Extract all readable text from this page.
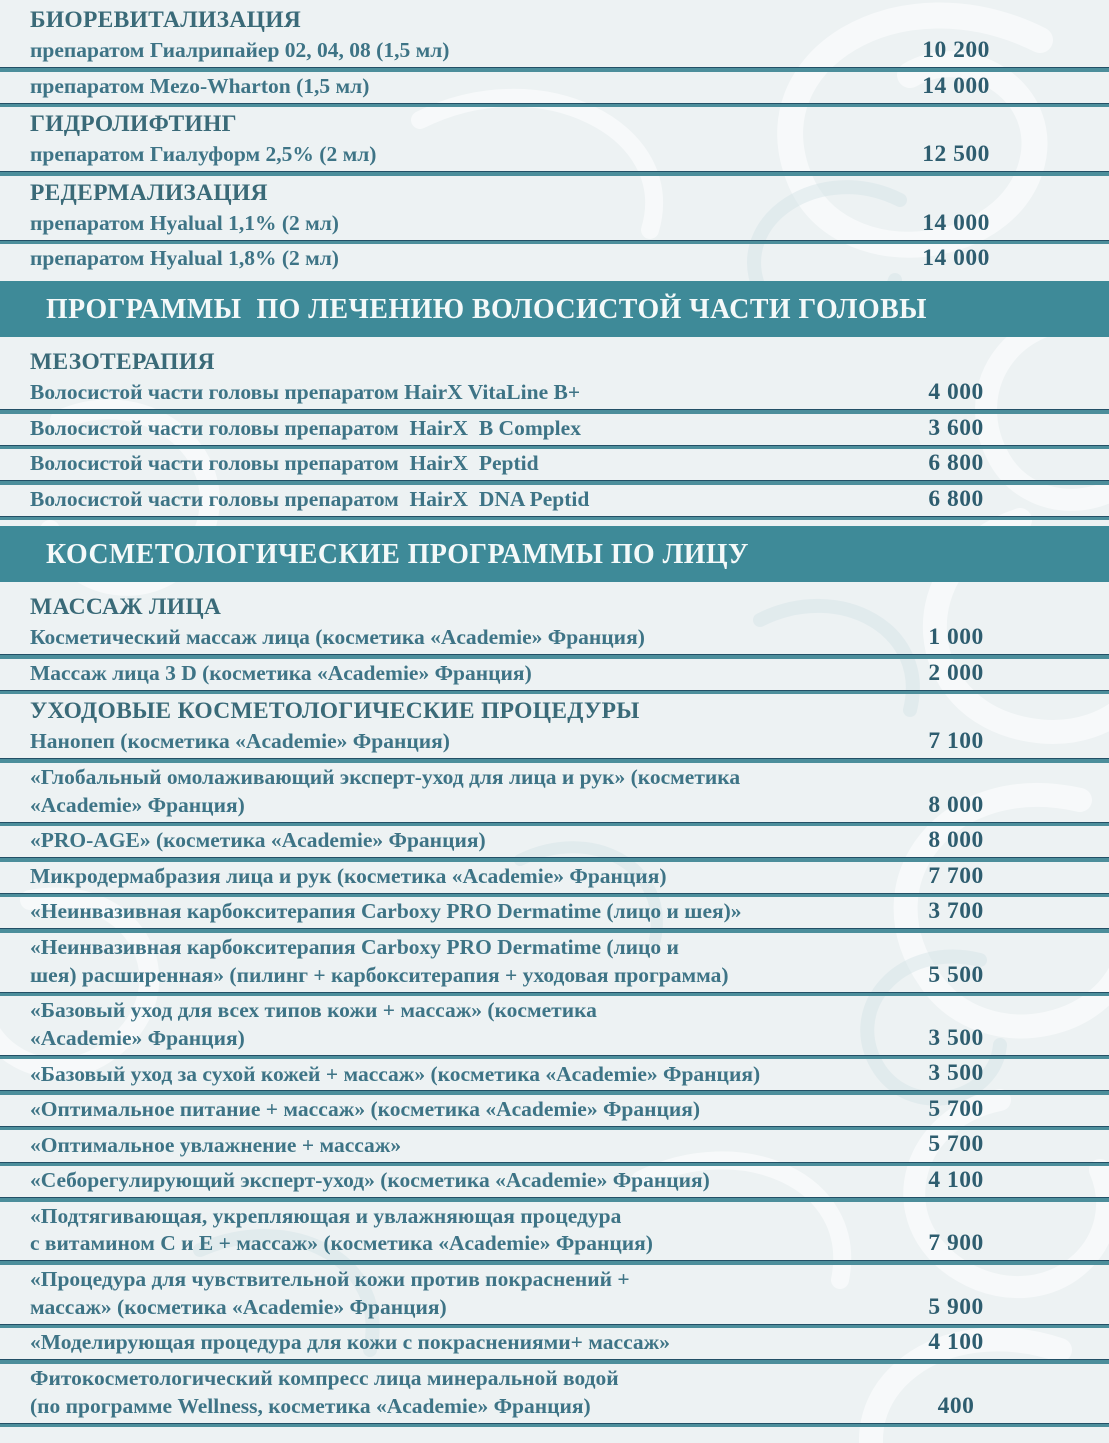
БИОРЕВИТАЛИЗАЦИЯ
препаратом Гиалрипайер 02, 04, 08 (1,5 мл)	10 200
препаратом Mezo-Wharton (1,5 мл)	14 000
ГИДРОЛИФТИНГ
препаратом Гиалуформ 2,5% (2 мл)	12 500
РЕДЕРМАЛИЗАЦИЯ
препаратом Hyalual 1,1% (2 мл)	14 000
препаратом Hyalual 1,8% (2 мл)	14 000
ПРОГРАММЫ  ПО ЛЕЧЕНИЮ ВОЛОСИСТОЙ ЧАСТИ ГОЛОВЫ
МЕЗОТЕРАПИЯ
Волосистой части головы препаратом HairX VitaLine B+	4 000
Волосистой части головы препаратом  HairX  B Complex	3 600
Волосистой части головы препаратом  HairX  Peptid	6 800
Волосистой части головы препаратом  HairX  DNA Peptid	6 800
КОСМЕТОЛОГИЧЕСКИЕ ПРОГРАММЫ ПО ЛИЦУ
МАССАЖ ЛИЦА
Косметический массаж лица (косметика «Academie» Франция)	1 000
Массаж лица 3 D (косметика «Academie» Франция)	2 000
УХОДОВЫЕ КОСМЕТОЛОГИЧЕСКИЕ ПРОЦЕДУРЫ
Нанопеп (косметика «Academie» Франция)	7 100
«Глобальный омолаживающий эксперт-уход для лица и рук» (косметика
«Academie» Франция)	8 000
«PRO-AGE» (косметика «Academie» Франция)	8 000
Микродермабразия лица и рук (косметика «Academie» Франция)	7 700
«Неинвазивная карбокситерапия Carboxy PRO Dermatime (лицо и шея)»	3 700
«Неинвазивная карбокситерапия Carboxy PRO Dermatime (лицо и
шея) расширенная» (пилинг + карбокситерапия + уходовая программа)	5 500
«Базовый уход для всех типов кожи + массаж» (косметика
«Academie» Франция)	3 500
«Базовый уход за сухой кожей + массаж» (косметика «Academie» Франция)	3 500
«Оптимальное питание + массаж» (косметика «Academie» Франция)	5 700
«Оптимальное увлажнение + массаж»	5 700
«Себорегулирующий эксперт-уход» (косметика «Academie» Франция)	4 100
«Подтягивающая, укрепляющая и увлажняющая процедура
с витамином С и Е + массаж» (косметика «Academie» Франция)	7 900
«Процедура для чувствительной кожи против покраснений +
массаж» (косметика «Academie» Франция)	5 900
«Моделирующая процедура для кожи с покраснениями+ массаж»	4 100
Фитокосметологический компресс лица минеральной водой
(по программе Wellness, косметика «Academie» Франция)	400
